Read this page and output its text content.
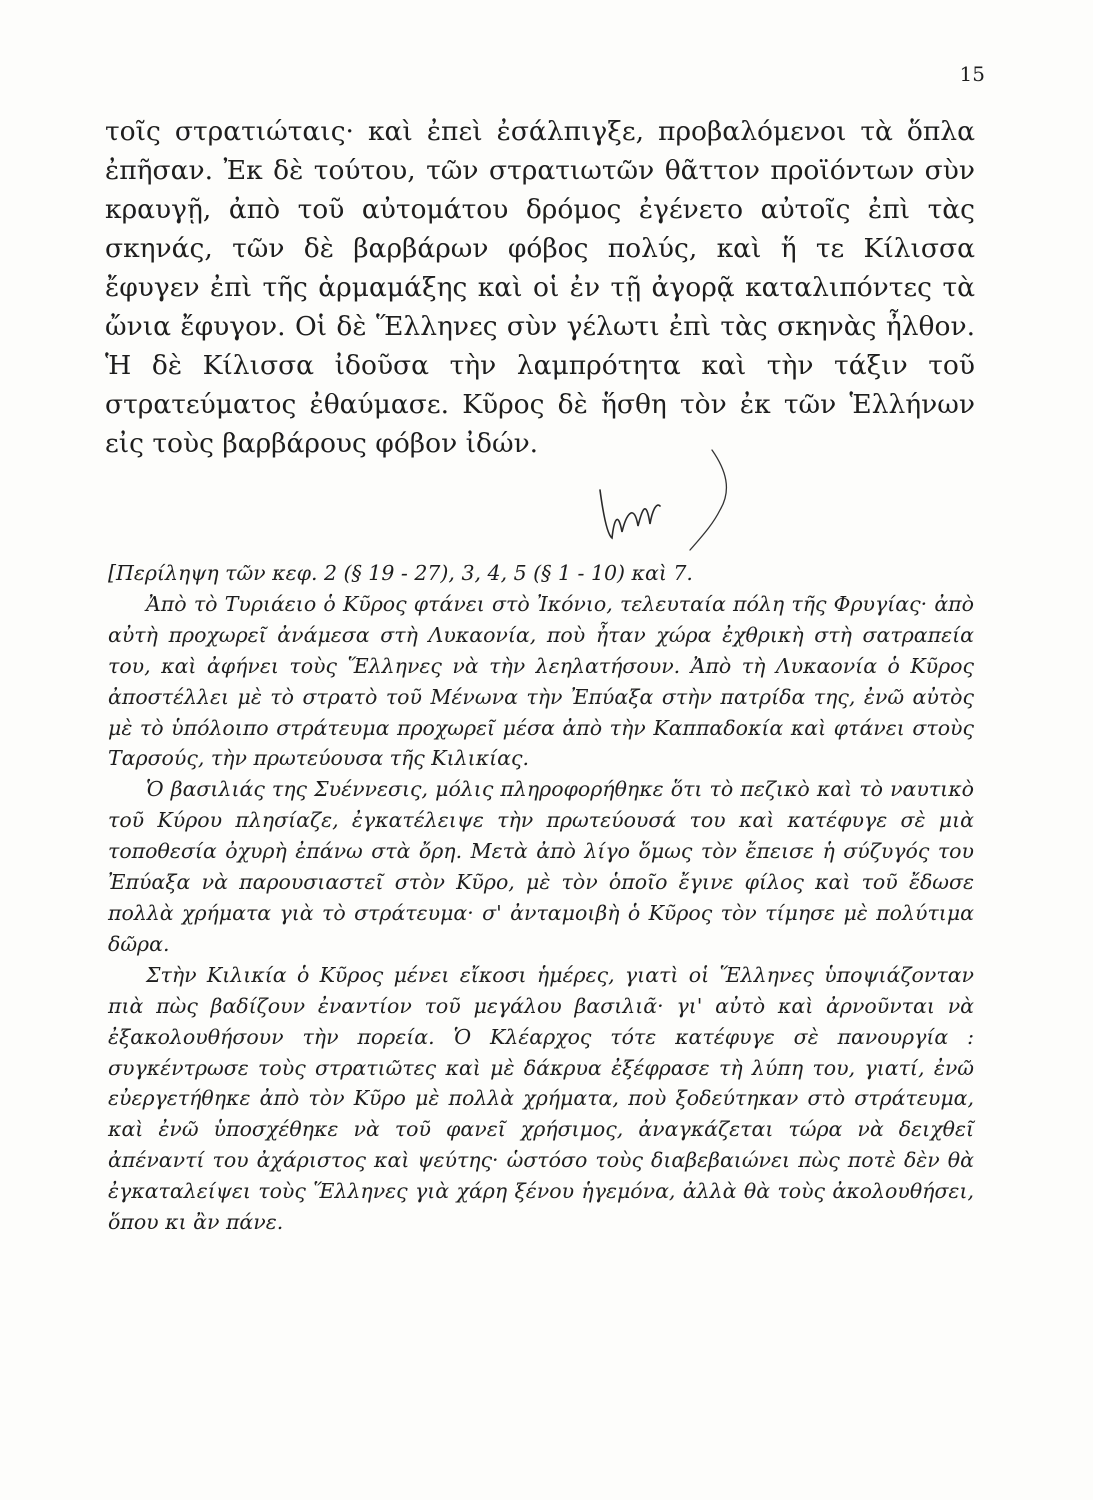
15

τοῖς στρατιώταις· καὶ ἐπεὶ ἐσάλπιγξε, προβαλόμενοι τὰ ὅπλα ἐπῆσαν. Ἐκ δὲ τούτου, τῶν στρατιωτῶν θᾶττον προϊόντων σὺν κραυγῇ, ἀπὸ τοῦ αὐτομάτου δρόμος ἐγένετο αὐτοῖς ἐπὶ τὰς σκηνάς, τῶν δὲ βαρβάρων φόβος πολύς, καὶ ἥ τε Κίλισσα ἔφυγεν ἐπὶ τῆς ἁρμαμάξης καὶ οἱ ἐν τῇ ἀγορᾷ καταλιπόντες τὰ ὤνια ἔφυγον. Οἱ δὲ Ἕλληνες σὺν γέλωτι ἐπὶ τὰς σκηνὰς ἦλθον. Ἡ δὲ Κίλισσα ἰδοῦσα τὴν λαμπρότητα καὶ τὴν τάξιν τοῦ στρατεύματος ἐθαύμασε. Κῦρος δὲ ἥσθη τὸν ἐκ τῶν Ἑλλήνων εἰς τοὺς βαρβάρους φόβον ἰδών.

[Περίληψη τῶν κεφ. 2 (§ 19 - 27), 3, 4, 5 (§ 1 - 10) καὶ 7.

Ἀπὸ τὸ Τυριάειο ὁ Κῦρος φτάνει στὸ Ἰκόνιο, τελευταία πόλη τῆς Φρυγίας· ἀπὸ αὐτὴ προχωρεῖ ἀνάμεσα στὴ Λυκαονία, ποὺ ἦταν χώρα ἐχθρικὴ στὴ σατραπεία του, καὶ ἀφήνει τοὺς Ἕλληνες νὰ τὴν λεηλατήσουν. Ἀπὸ τὴ Λυκαονία ὁ Κῦρος ἀποστέλλει μὲ τὸ στρατὸ τοῦ Μένωνα τὴν Ἐπύαξα στὴν πατρίδα της, ἐνῶ αὐτὸς μὲ τὸ ὑπόλοιπο στράτευμα προχωρεῖ μέσα ἀπὸ τὴν Καππαδοκία καὶ φτάνει στοὺς Ταρσούς, τὴν πρωτεύουσα τῆς Κιλικίας.

Ὁ βασιλιάς της Συέννεσις, μόλις πληροφορήθηκε ὅτι τὸ πεζικὸ καὶ τὸ ναυτικὸ τοῦ Κύρου πλησίαζε, ἐγκατέλειψε τὴν πρωτεύουσά του καὶ κατέφυγε σὲ μιὰ τοποθεσία ὀχυρὴ ἐπάνω στὰ ὄρη. Μετὰ ἀπὸ λίγο ὅμως τὸν ἔπεισε ἡ σύζυγός του Ἐπύαξα νὰ παρουσιαστεῖ στὸν Κῦρο, μὲ τὸν ὁποῖο ἔγινε φίλος καὶ τοῦ ἔδωσε πολλὰ χρήματα γιὰ τὸ στράτευμα· σ' ἀνταμοιβὴ ὁ Κῦρος τὸν τίμησε μὲ πολύτιμα δῶρα.

Στὴν Κιλικία ὁ Κῦρος μένει εἴκοσι ἡμέρες, γιατὶ οἱ Ἕλληνες ὑποψιάζονταν πιὰ πὼς βαδίζουν ἐναντίον τοῦ μεγάλου βασιλιᾶ· γι' αὐτὸ καὶ ἀρνοῦνται νὰ ἐξακολουθήσουν τὴν πορεία. Ὁ Κλέαρχος τότε κατέφυγε σὲ πανουργία : συγκέντρωσε τοὺς στρατιῶτες καὶ μὲ δάκρυα ἐξέφρασε τὴ λύπη του, γιατί, ἐνῶ εὐεργετήθηκε ἀπὸ τὸν Κῦρο μὲ πολλὰ χρήματα, ποὺ ξοδεύτηκαν στὸ στράτευμα, καὶ ἐνῶ ὑποσχέθηκε νὰ τοῦ φανεῖ χρήσιμος, ἀναγκάζεται τώρα νὰ δειχθεῖ ἀπέναντί του ἀχάριστος καὶ ψεύτης· ὡστόσο τοὺς διαβεβαιώνει πὼς ποτὲ δὲν θὰ ἐγκαταλείψει τοὺς Ἕλληνες γιὰ χάρη ξένου ἡγεμόνα, ἀλλὰ θὰ τοὺς ἀκολουθήσει, ὅπου κι ἂν πάνε.
